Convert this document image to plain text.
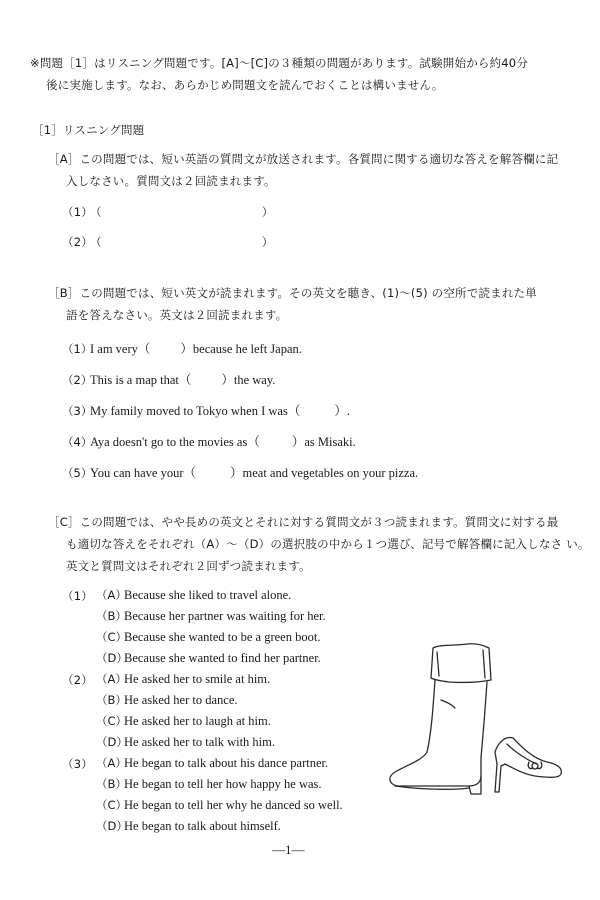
※問題［1］はリスニング問題です。[A]～[C]の３種類の問題があります。試験開始から約40分
後に実施します。なお、あらかじめ問題文を読んでおくことは構いません。
［1］リスニング問題
［A］この問題では、短い英語の質問文が放送されます。各質問に関する適切な答えを解答欄に記
入しなさい。質問文は２回読まれます。
（1）（	）
（2）（	）
［B］この問題では、短い英文が読まれます。その英文を聴き、(1)～(5) の空所で読まれた単
語を答えなさい。英文は２回読まれます。
（1）I am very（ ）because he left Japan.
（2）This is a map that（ ）the way.
（3）My family moved to Tokyo when I was（	）.
（4）Aya doesn't go to the movies as（	）as Misaki.
（5）You can have your（	）meat and vegetables on your pizza.
［C］この問題では、やや長めの英文とそれに対する質問文が３つ読まれます。質問文に対する最
も適切な答えをそれぞれ（A）～（D）の選択肢の中から１つ選び、記号で解答欄に記入しなさ い。
英文と質問文はそれぞれ２回ずつ読まれます。
（1） （A）Because she liked to travel alone.
（B）Because her partner was waiting for her.
（C）Because she wanted to be a green boot.
（D）Because she wanted to find her partner.
（2） （A）He asked her to smile at him.
（B）He asked her to dance.
（C）He asked her to laugh at him.
（D）He asked her to talk with him.
（3） （A）He began to talk about his dance partner.
（B）He began to tell her how happy he was.
（C）He began to tell her why he danced so well.
（D）He began to talk about himself.
—1—
